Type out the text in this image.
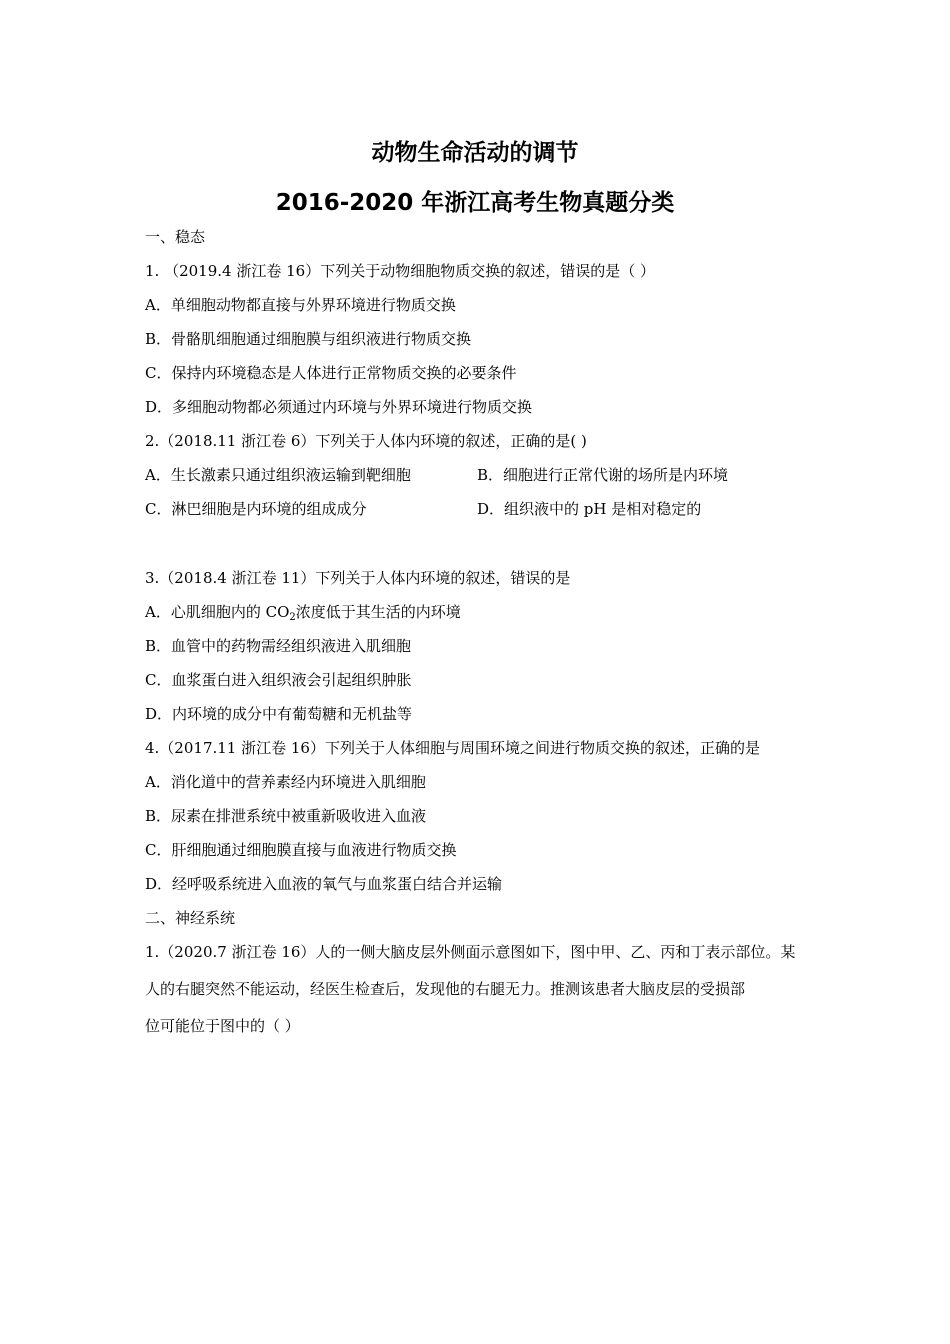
动物生命活动的调节
2016-2020 年浙江高考生物真题分类
一、稳态
1. （2019.4 浙江卷 16）下列关于动物细胞物质交换的叙述，错误的是（ ）
A．单细胞动物都直接与外界环境进行物质交换
B．骨骼肌细胞通过细胞膜与组织液进行物质交换
C．保持内环境稳态是人体进行正常物质交换的必要条件
D．多细胞动物都必须通过内环境与外界环境进行物质交换
2.（2018.11 浙江卷 6）下列关于人体内环境的叙述，正确的是( )
A．生长激素只通过组织液运输到靶细胞	B．细胞进行正常代谢的场所是内环境
C．淋巴细胞是内环境的组成成分	D．组织液中的 pH 是相对稳定的
3.（2018.4 浙江卷 11）下列关于人体内环境的叙述，错误的是
A．心肌细胞内的 $CO_2$浓度低于其生活的内环境
B．血管中的药物需经组织液进入肌细胞
C．血浆蛋白进入组织液会引起组织肿胀
D．内环境的成分中有葡萄糖和无机盐等
4.（2017.11 浙江卷 16）下列关于人体细胞与周围环境之间进行物质交换的叙述，正确的是
A．消化道中的营养素经内环境进入肌细胞
B．尿素在排泄系统中被重新吸收进入血液
C．肝细胞通过细胞膜直接与血液进行物质交换
D．经呼吸系统进入血液的氧气与血浆蛋白结合并运输
二、神经系统
1.（2020.7 浙江卷 16）人的一侧大脑皮层外侧面示意图如下，图中甲、乙、丙和丁表示部位。某
人的右腿突然不能运动，经医生检查后，发现他的右腿无力。推测该患者大脑皮层的受损部
位可能位于图中的（ ）
